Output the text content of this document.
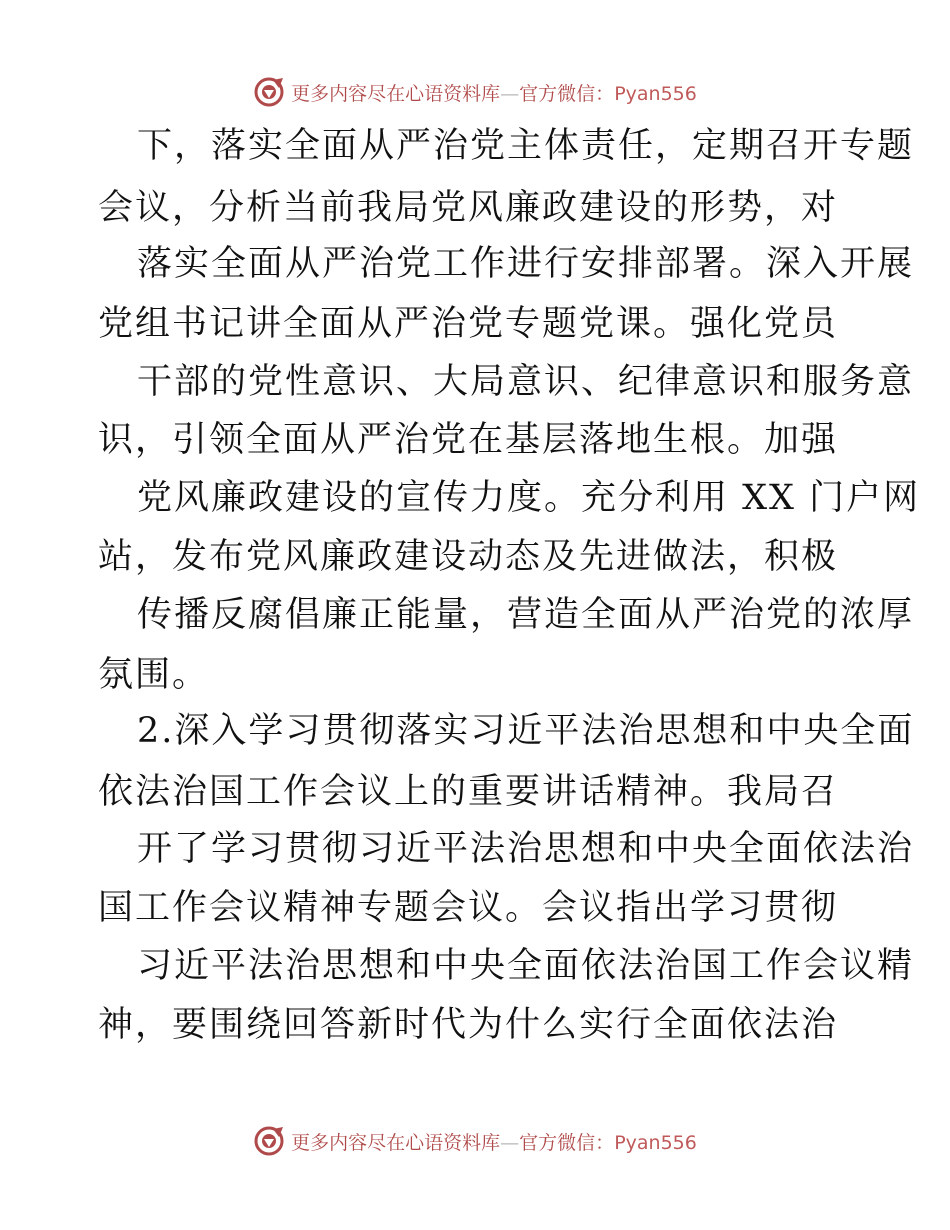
更多内容尽在心语资料库—官方微信：Pyan556
下，落实全面从严治党主体责任，定期召开专题
会议，分析当前我局党风廉政建设的形势，对
落实全面从严治党工作进行安排部署。深入开展
党组书记讲全面从严治党专题党课。强化党员
干部的党性意识、大局意识、纪律意识和服务意
识，引领全面从严治党在基层落地生根。加强
党风廉政建设的宣传力度。充分利用 XX 门户网
站，发布党风廉政建设动态及先进做法，积极
传播反腐倡廉正能量，营造全面从严治党的浓厚
氛围。
2.深入学习贯彻落实习近平法治思想和中央全面
依法治国工作会议上的重要讲话精神。我局召
开了学习贯彻习近平法治思想和中央全面依法治
国工作会议精神专题会议。会议指出学习贯彻
习近平法治思想和中央全面依法治国工作会议精
神，要围绕回答新时代为什么实行全面依法治
更多内容尽在心语资料库—官方微信：Pyan556
